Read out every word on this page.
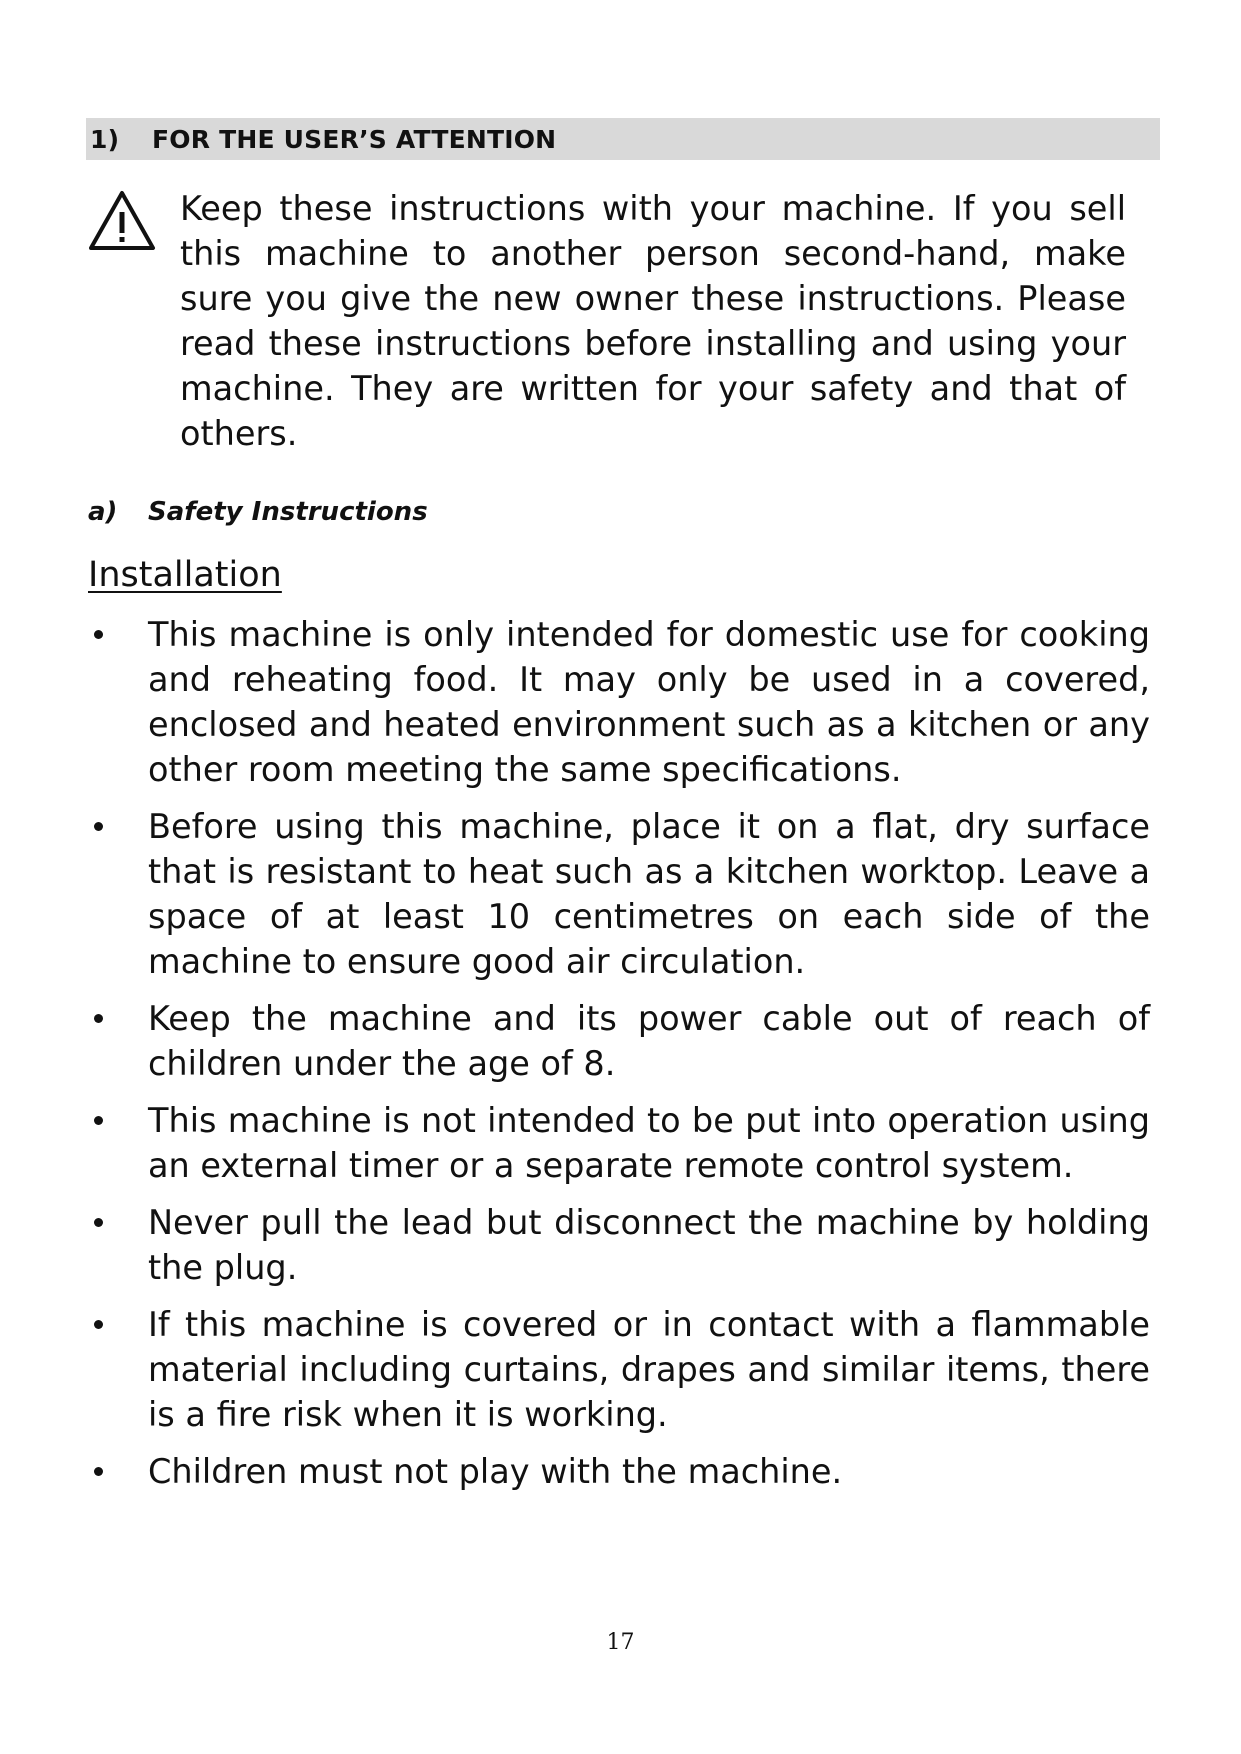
1)	FOR THE USER’S ATTENTION
Keep these instructions with your machine. If you sell this machine to another person second-hand, make sure you give the new owner these instructions. Please read these instructions before installing and using your machine. They are written for your safety and that of others.
a)	Safety Instructions
Installation
This machine is only intended for domestic use for cooking and reheating food. It may only be used in a covered, enclosed and heated environment such as a kitchen or any other room meeting the same specifications.
Before using this machine, place it on a flat, dry surface that is resistant to heat such as a kitchen worktop. Leave a space of at least 10 centimetres on each side of the machine to ensure good air circulation.
Keep the machine and its power cable out of reach of children under the age of 8.
This machine is not intended to be put into operation using an external timer or a separate remote control system.
Never pull the lead but disconnect the machine by holding the plug.
If this machine is covered or in contact with a flammable material including curtains, drapes and similar items, there is a fire risk when it is working.
Children must not play with the machine.
17
